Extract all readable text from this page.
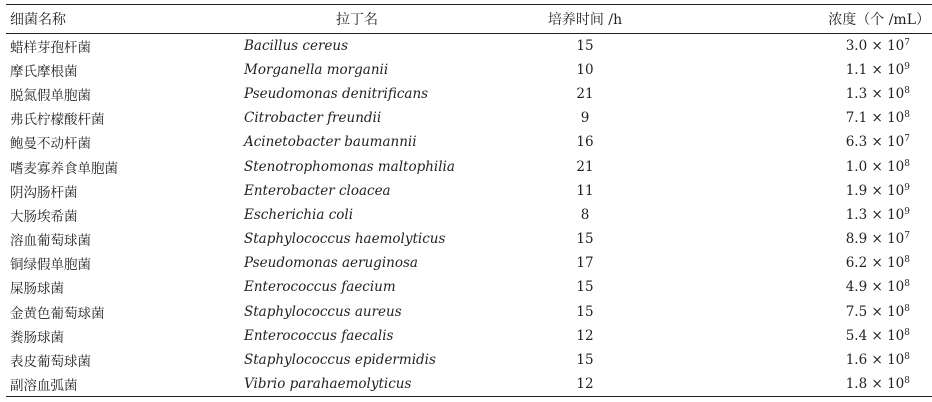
细菌名称	拉丁名	培养时间 /h	浓度（个 /mL）
蜡样芽孢杆菌	Bacillus cereus	15	$3.0 \times 10^7$
摩氏摩根菌	Morganella morganii	10	$1.1 \times 10^9$
脱氮假单胞菌	Pseudomonas denitrificans	21	$1.3 \times 10^8$
弗氏柠檬酸杆菌	Citrobacter freundii	9	$7.1 \times 10^8$
鲍曼不动杆菌	Acinetobacter baumannii	16	$6.3 \times 10^7$
嗜麦寡养食单胞菌	Stenotrophomonas maltophilia	21	$1.0 \times 10^8$
阴沟肠杆菌	Enterobacter cloacea	11	$1.9 \times 10^9$
大肠埃希菌	Escherichia coli	8	$1.3 \times 10^9$
溶血葡萄球菌	Staphylococcus haemolyticus	15	$8.9 \times 10^7$
铜绿假单胞菌	Pseudomonas aeruginosa	17	$6.2 \times 10^8$
屎肠球菌	Enterococcus faecium	15	$4.9 \times 10^8$
金黄色葡萄球菌	Staphylococcus aureus	15	$7.5 \times 10^8$
粪肠球菌	Enterococcus faecalis	12	$5.4 \times 10^8$
表皮葡萄球菌	Staphylococcus epidermidis	15	$1.6 \times 10^8$
副溶血弧菌	Vibrio parahaemolyticus	12	$1.8 \times 10^8$
